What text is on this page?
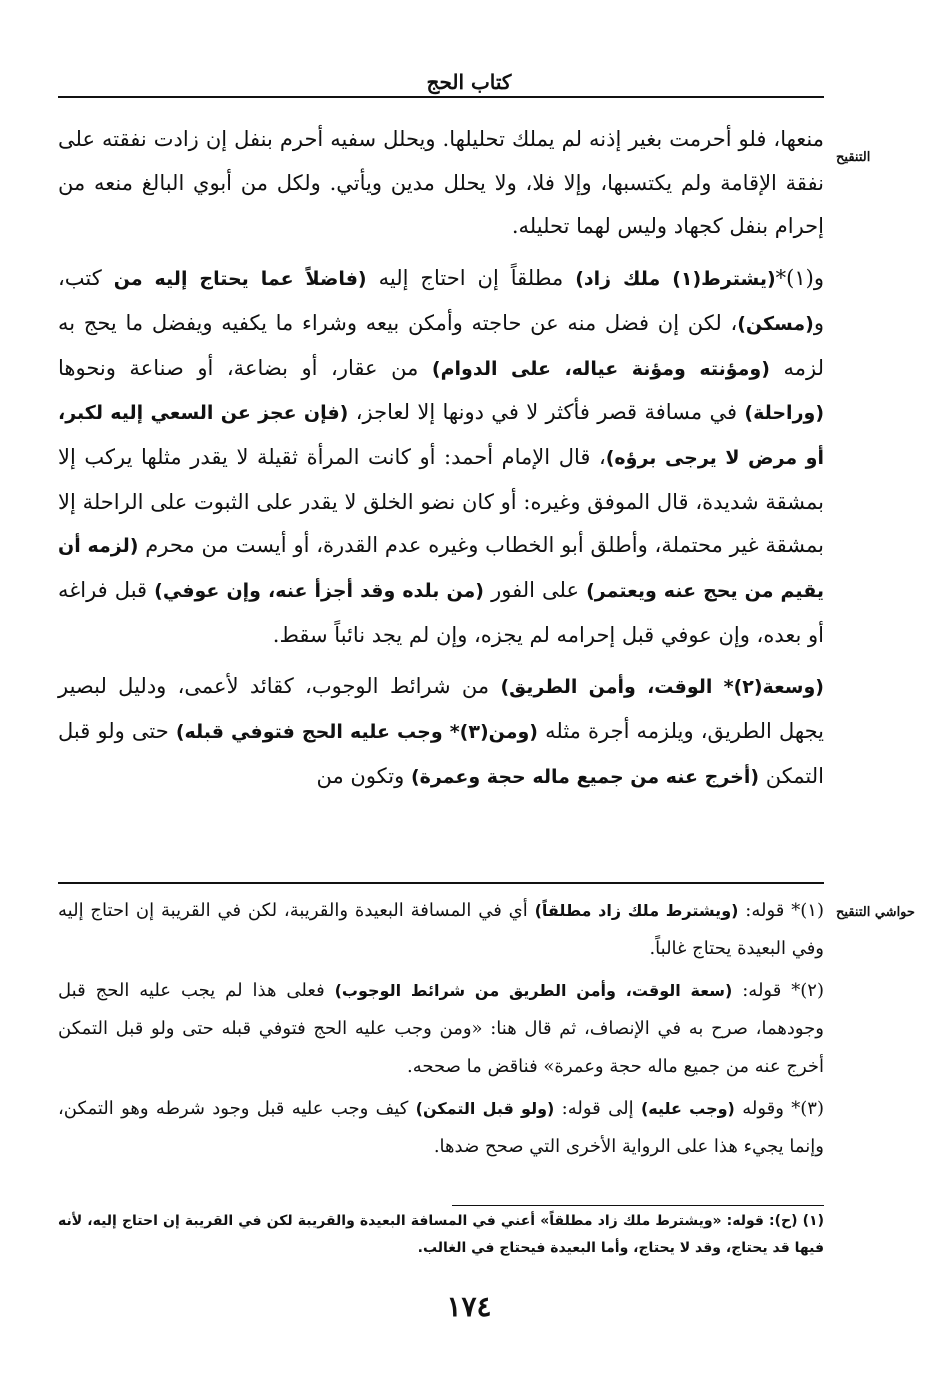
كتاب الحج
التنقيح
حواشي التنقيح

منعها، فلو أحرمت بغير إذنه لم يملك تحليلها. ويحلل سفيه أحرم بنفل إن زادت نفقته على نفقة الإقامة ولم يكتسبها، وإلا فلا، ولا يحلل مدين ويأتي. ولكل من أبوي البالغ منعه من إحرام بنفل كجهاد وليس لهما تحليله.

و(١)*(يشترط(١) ملك زاد) مطلقاً إن احتاج إليه (فاضلاً عما يحتاج إليه من كتب، و(مسكن)، لكن إن فضل منه عن حاجته وأمكن بيعه وشراء ما يكفيه ويفضل ما يحج به لزمه (ومؤنته ومؤنة عياله، على الدوام) من عقار، أو بضاعة، أو صناعة ونحوها (وراحلة) في مسافة قصر فأكثر لا في دونها إلا لعاجز، (فإن عجز عن السعي إليه لكبر، أو مرض لا يرجى برؤه)، قال الإمام أحمد: أو كانت المرأة ثقيلة لا يقدر مثلها يركب إلا بمشقة شديدة، قال الموفق وغيره: أو كان نضو الخلق لا يقدر على الثبوت على الراحلة إلا بمشقة غير محتملة، وأطلق أبو الخطاب وغيره عدم القدرة، أو أيست من محرم (لزمه أن يقيم من يحج عنه ويعتمر) على الفور (من بلده وقد أجزأ عنه، وإن عوفي) قبل فراغه أو بعده، وإن عوفي قبل إحرامه لم يجزه، وإن لم يجد نائباً سقط.

(وسعة(٢)* الوقت، وأمن الطريق) من شرائط الوجوب، كقائد لأعمى، ودليل لبصير يجهل الطريق، ويلزمه أجرة مثله (ومن(٣)* وجب عليه الحج فتوفي قبله) حتى ولو قبل التمكن (أخرج عنه من جميع ماله حجة وعمرة) وتكون من

(١)* قوله: (ويشترط ملك زاد مطلقاً) أي في المسافة البعيدة والقريبة، لكن في القريبة إن احتاج إليه وفي البعيدة يحتاج غالباً.

(٢)* قوله: (سعة الوقت، وأمن الطريق من شرائط الوجوب) فعلى هذا لم يجب عليه الحج قبل وجودهما، صرح به في الإنصاف، ثم قال هنا: «ومن وجب عليه الحج فتوفي قبله حتى ولو قبل التمكن أخرج عنه من جميع ماله حجة وعمرة» فناقض ما صححه.

(٣)* وقوله (وجب عليه) إلى قوله: (ولو قبل التمكن) كيف وجب عليه قبل وجود شرطه وهو التمكن، وإنما يجيء هذا على الرواية الأخرى التي صحح ضدها.

(١) (ح): قوله: «ويشترط ملك زاد مطلقاً» أعني في المسافة البعيدة والقريبة لكن في القريبة إن احتاج إليه، لأنه فيها قد يحتاج، وقد لا يحتاج، وأما البعيدة فيحتاج في الغالب.

١٧٤
